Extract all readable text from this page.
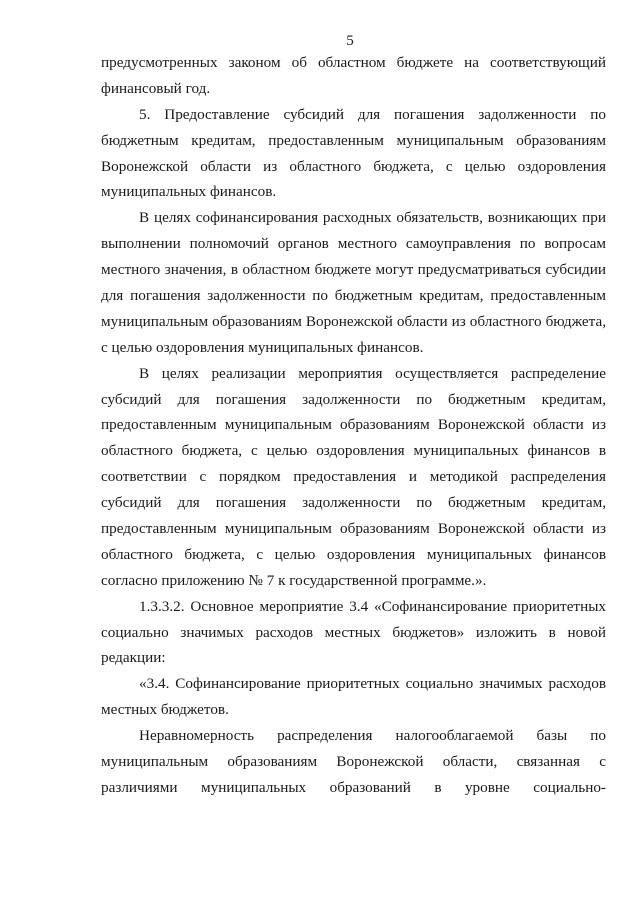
5
предусмотренных законом об областном бюджете на соответствующий
финансовый год.
5. Предоставление субсидий для погашения задолженности по
бюджетным кредитам, предоставленным муниципальным образованиям
Воронежской области из областного бюджета, с целью оздоровления
муниципальных финансов.
В целях софинансирования расходных обязательств, возникающих при
выполнении полномочий органов местного самоуправления по вопросам
местного значения, в областном бюджете могут предусматриваться субсидии
для погашения задолженности по бюджетным кредитам, предоставленным
муниципальным образованиям Воронежской области из областного бюджета,
с целью оздоровления муниципальных финансов.
В целях реализации мероприятия осуществляется распределение
субсидий для погашения задолженности по бюджетным кредитам,
предоставленным муниципальным образованиям Воронежской области из
областного бюджета, с целью оздоровления муниципальных финансов в
соответствии с порядком предоставления и методикой распределения
субсидий для погашения задолженности по бюджетным кредитам,
предоставленным муниципальным образованиям Воронежской области из
областного бюджета, с целью оздоровления муниципальных финансов
согласно приложению № 7 к государственной программе.».
1.3.3.2. Основное мероприятие 3.4 «Софинансирование приоритетных
социально значимых расходов местных бюджетов» изложить в новой
редакции:
«3.4. Софинансирование приоритетных социально значимых расходов
местных бюджетов.
Неравномерность распределения налогооблагаемой базы по
муниципальным образованиям Воронежской области, связанная с
различиями муниципальных образований в уровне социально-
